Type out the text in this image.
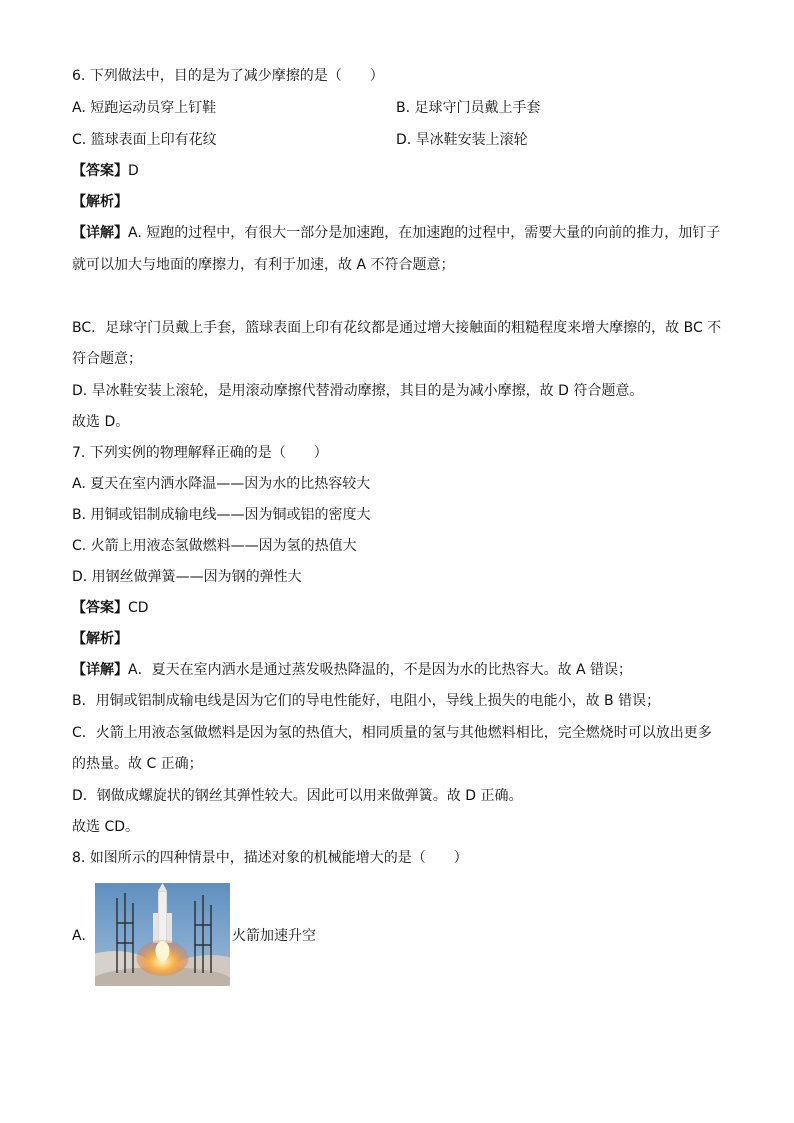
6. 下列做法中，目的是为了减少摩擦的是（　　）
A. 短跑运动员穿上钉鞋	B. 足球守门员戴上手套
C. 篮球表面上印有花纹	D. 旱冰鞋安装上滚轮
【答案】D
【解析】
【详解】A. 短跑的过程中，有很大一部分是加速跑，在加速跑的过程中，需要大量的向前的推力，加钉子
就可以加大与地面的摩擦力，有利于加速，故 A 不符合题意；
BC．足球守门员戴上手套，篮球表面上印有花纹都是通过增大接触面的粗糙程度来增大摩擦的，故 BC 不
符合题意；
D. 旱冰鞋安装上滚轮，是用滚动摩擦代替滑动摩擦，其目的是为减小摩擦，故 D 符合题意。
故选 D。
7. 下列实例的物理解释正确的是（　　）
A. 夏天在室内洒水降温——因为水的比热容较大
B. 用铜或铝制成输电线——因为铜或铝的密度大
C. 火箭上用液态氢做燃料——因为氢的热值大
D. 用钢丝做弹簧——因为钢的弹性大
【答案】CD
【解析】
【详解】A．夏天在室内洒水是通过蒸发吸热降温的，不是因为水的比热容大。故 A 错误；
B．用铜或铝制成输电线是因为它们的导电性能好，电阻小，导线上损失的电能小，故 B 错误；
C．火箭上用液态氢做燃料是因为氢的热值大，相同质量的氢与其他燃料相比，完全燃烧时可以放出更多
的热量。故 C 正确；
D．钢做成螺旋状的钢丝其弹性较大。因此可以用来做弹簧。故 D 正确。
故选 CD。
8. 如图所示的四种情景中，描述对象的机械能增大的是（　　）
A.	火箭加速升空
